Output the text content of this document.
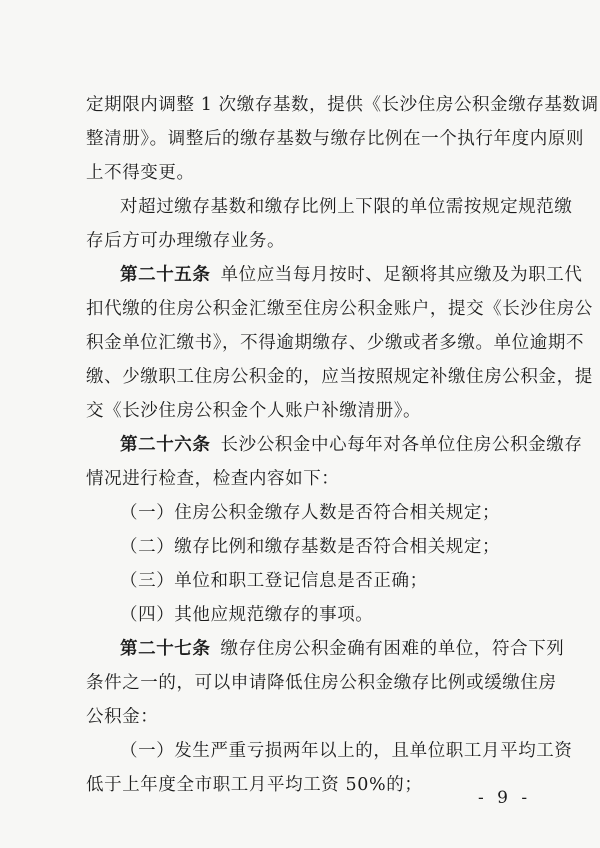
定期限内调整 1 次缴存基数，提供《长沙住房公积金缴存基数调
整清册》。调整后的缴存基数与缴存比例在一个执行年度内原则
上不得变更。
对超过缴存基数和缴存比例上下限的单位需按规定规范缴
存后方可办理缴存业务。
第二十五条 单位应当每月按时、足额将其应缴及为职工代
扣代缴的住房公积金汇缴至住房公积金账户，提交《长沙住房公
积金单位汇缴书》，不得逾期缴存、少缴或者多缴。单位逾期不
缴、少缴职工住房公积金的，应当按照规定补缴住房公积金，提
交《长沙住房公积金个人账户补缴清册》。
第二十六条 长沙公积金中心每年对各单位住房公积金缴存
情况进行检查，检查内容如下：
（一）住房公积金缴存人数是否符合相关规定；
（二）缴存比例和缴存基数是否符合相关规定；
（三）单位和职工登记信息是否正确；
（四）其他应规范缴存的事项。
第二十七条 缴存住房公积金确有困难的单位，符合下列
条件之一的，可以申请降低住房公积金缴存比例或缓缴住房
公积金：
（一）发生严重亏损两年以上的，且单位职工月平均工资
低于上年度全市职工月平均工资 50%的；
- 9 -
